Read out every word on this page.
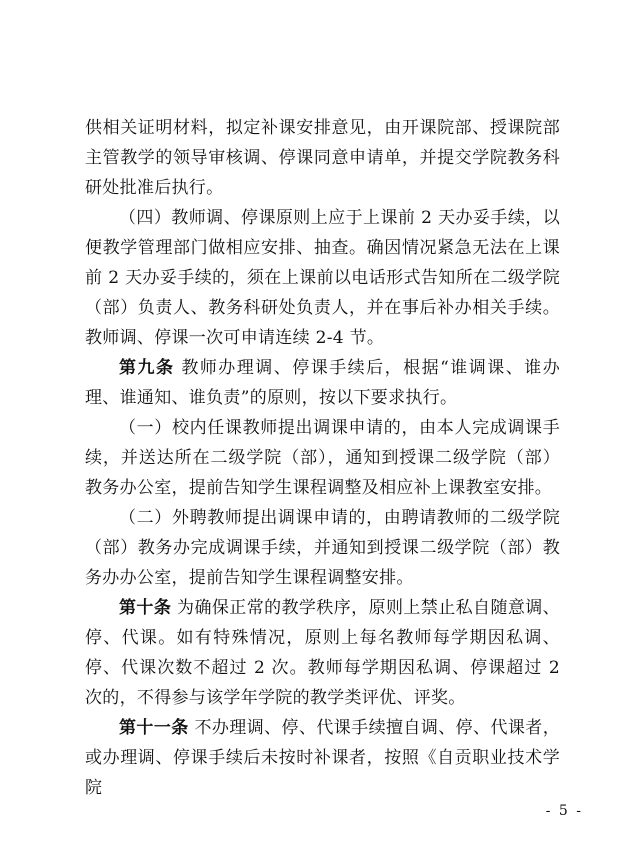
供相关证明材料，拟定补课安排意见，由开课院部、授课院部主管教学的领导审核调、停课同意申请单，并提交学院教务科研处批准后执行。

（四）教师调、停课原则上应于上课前 2 天办妥手续，以便教学管理部门做相应安排、抽查。确因情况紧急无法在上课前 2 天办妥手续的，须在上课前以电话形式告知所在二级学院（部）负责人、教务科研处负责人，并在事后补办相关手续。教师调、停课一次可申请连续 2-4 节。

第九条 教师办理调、停课手续后，根据“谁调课、谁办理、谁通知、谁负责”的原则，按以下要求执行。

（一）校内任课教师提出调课申请的，由本人完成调课手续，并送达所在二级学院（部），通知到授课二级学院（部）教务办公室，提前告知学生课程调整及相应补上课教室安排。

（二）外聘教师提出调课申请的，由聘请教师的二级学院（部）教务办完成调课手续，并通知到授课二级学院（部）教务办办公室，提前告知学生课程调整安排。

第十条 为确保正常的教学秩序，原则上禁止私自随意调、停、代课。如有特殊情况，原则上每名教师每学期因私调、停、代课次数不超过 2 次。教师每学期因私调、停课超过 2 次的，不得参与该学年学院的教学类评优、评奖。

第十一条 不办理调、停、代课手续擅自调、停、代课者，或办理调、停课手续后未按时补课者，按照《自贡职业技术学院

- 5 -
